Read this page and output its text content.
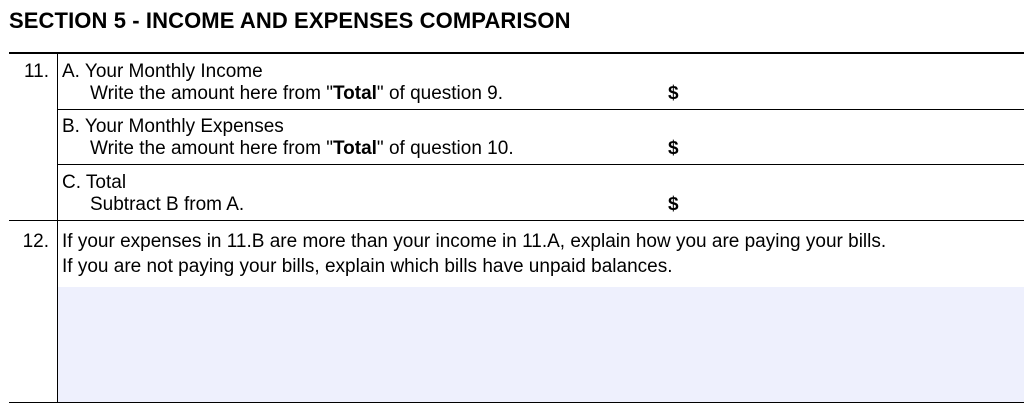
SECTION 5 - INCOME AND EXPENSES COMPARISON
11. A. Your Monthly Income
Write the amount here from "Total" of question 9.	$
B. Your Monthly Expenses
Write the amount here from "Total" of question 10.	$
C. Total
Subtract B from A.	$
12. If your expenses in 11.B are more than your income in 11.A, explain how you are paying your bills.
If you are not paying your bills, explain which bills have unpaid balances.
